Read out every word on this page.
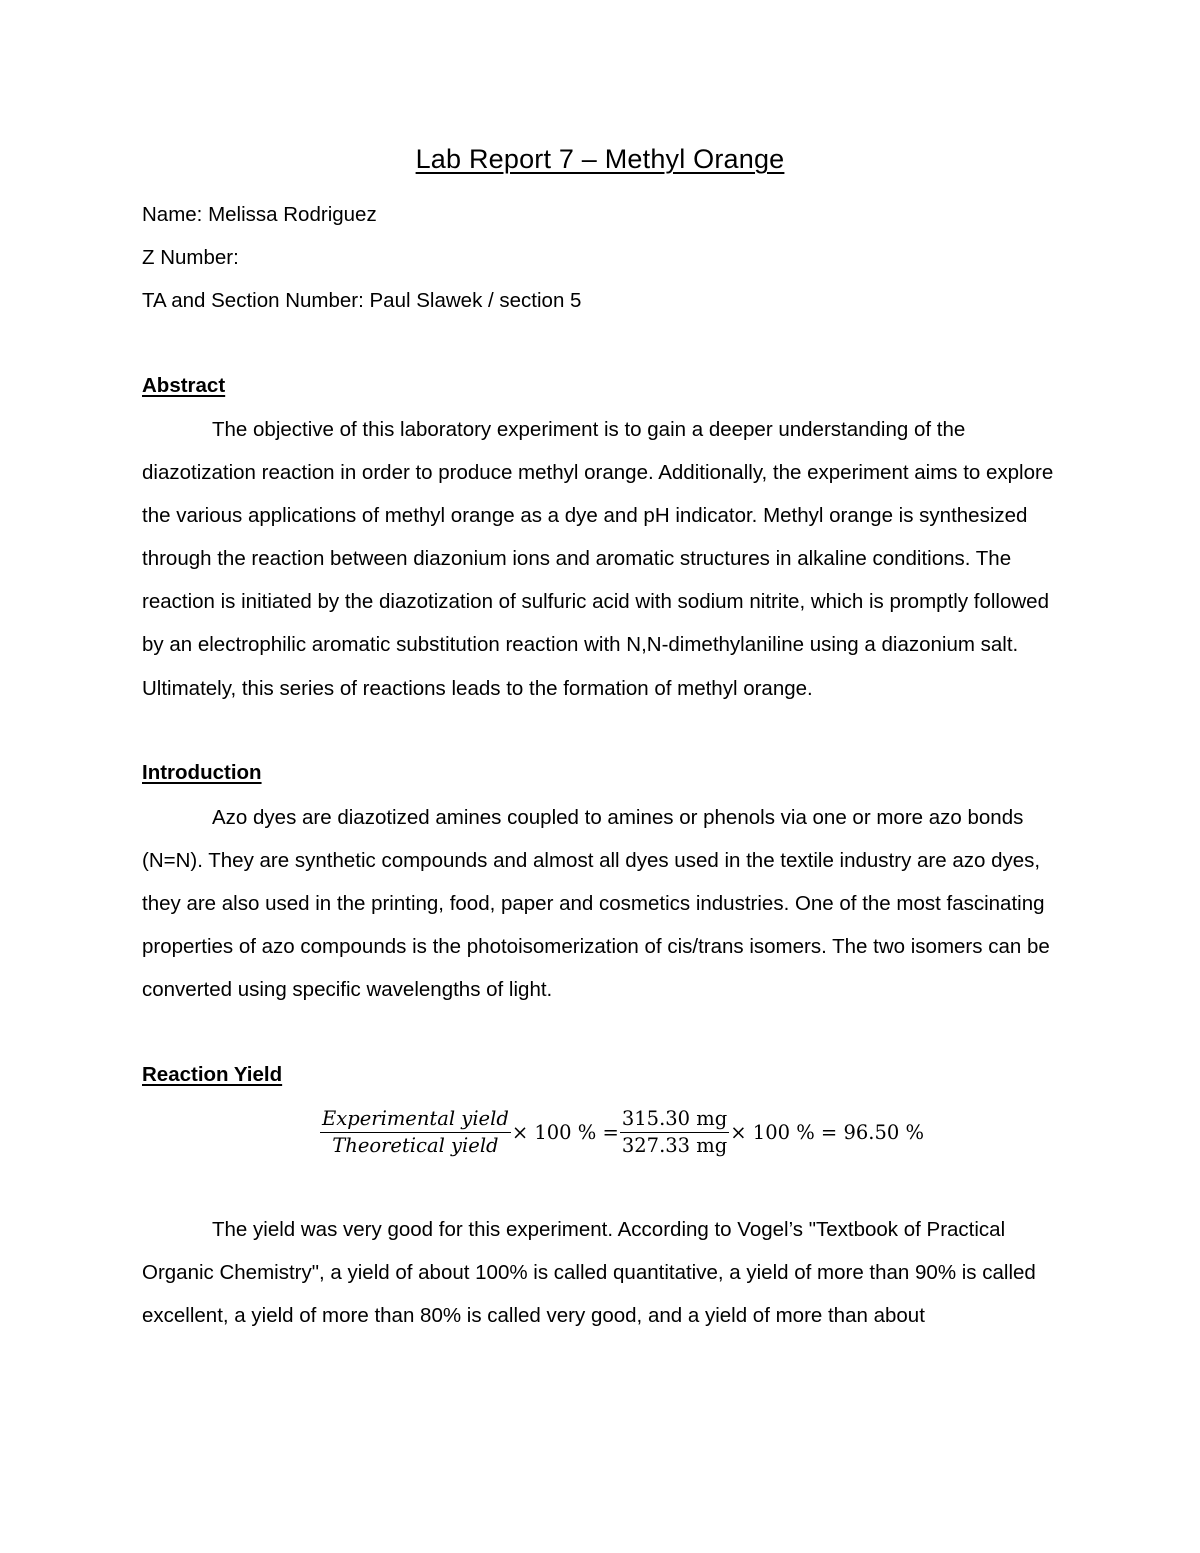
Lab Report 7 – Methyl Orange
Name: Melissa Rodriguez
Z Number:
TA and Section Number: Paul Slawek / section 5
Abstract
The objective of this laboratory experiment is to gain a deeper understanding of the diazotization reaction in order to produce methyl orange. Additionally, the experiment aims to explore the various applications of methyl orange as a dye and pH indicator. Methyl orange is synthesized through the reaction between diazonium ions and aromatic structures in alkaline conditions. The reaction is initiated by the diazotization of sulfuric acid with sodium nitrite, which is promptly followed by an electrophilic aromatic substitution reaction with N,N-dimethylaniline using a diazonium salt. Ultimately, this series of reactions leads to the formation of methyl orange.
Introduction
Azo dyes are diazotized amines coupled to amines or phenols via one or more azo bonds (N=N). They are synthetic compounds and almost all dyes used in the textile industry are azo dyes, they are also used in the printing, food, paper and cosmetics industries. One of the most fascinating properties of azo compounds is the photoisomerization of cis/trans isomers. The two isomers can be converted using specific wavelengths of light.
Reaction Yield
$\frac{\text{Experimental yield}}{\text{Theoretical yield}} \times 100$ % = $\frac{315.30 mg}{327.33 mg} \times 100$ % = 96.50 %
The yield was very good for this experiment. According to Vogel’s "Textbook of Practical Organic Chemistry", a yield of about 100% is called quantitative, a yield of more than 90% is called excellent, a yield of more than 80% is called very good, and a yield of more than about
